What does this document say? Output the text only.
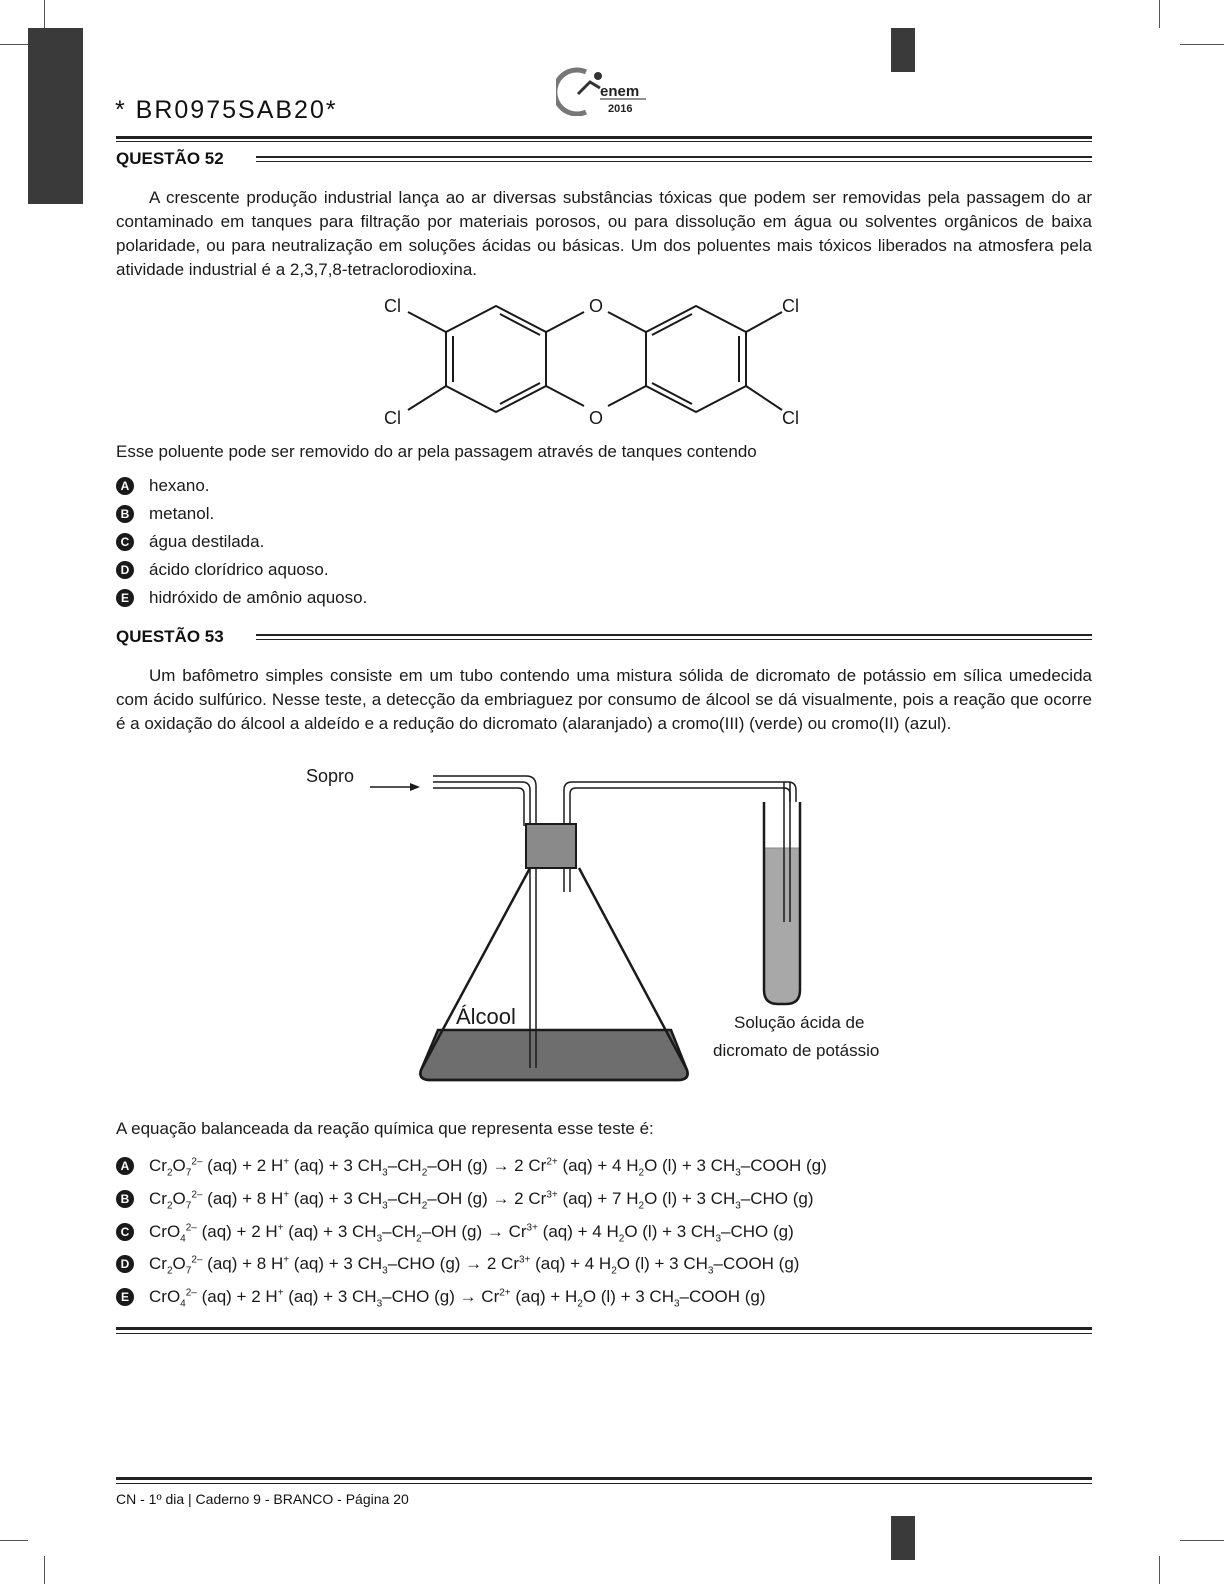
* BR0975SAB20*
enem
2016
QUESTÃO 52

A crescente produção industrial lança ao ar diversas substâncias tóxicas que podem ser removidas pela passagem do ar contaminado em tanques para filtração por materiais porosos, ou para dissolução em água ou solventes orgânicos de baixa polaridade, ou para neutralização em soluções ácidas ou básicas. Um dos poluentes mais tóxicos liberados na atmosfera pela atividade industrial é a 2,3,7,8-tetraclorodioxina.

Cl
Cl
Cl
Cl
O
O

Esse poluente pode ser removido do ar pela passagem através de tanques contendo

A hexano.
B metanol.
C água destilada.
D ácido clorídrico aquoso.
E hidróxido de amônio aquoso.
QUESTÃO 53

Um bafômetro simples consiste em um tubo contendo uma mistura sólida de dicromato de potássio em sílica umedecida com ácido sulfúrico. Nesse teste, a detecção da embriaguez por consumo de álcool se dá visualmente, pois a reação que ocorre é a oxidação do álcool a aldeído e a redução do dicromato (alaranjado) a cromo(III) (verde) ou cromo(II) (azul).

Sopro
Álcool	Solução ácida de
dicromato de potássio

A equação balanceada da reação química que representa esse teste é:

A $Cr_2O_7^{2-}$ (aq) + 2 H+ (aq) + 3 $CH_3-CH_2-OH$ (g) → 2 $Cr^{2+}$ (aq) + 4 $H_2O$ (l) + 3 $CH_3$–COOH (g)
B $Cr_2O_7^{2-}$ (aq) + 8 H+ (aq) + 3 $CH_3-CH_2-OH$ (g) → 2 $Cr^{3+}$ (aq) + 7 $H_2O$ (l) + 3 $CH_3$–CHO (g)
C CrO$_4^{2-}$ (aq) + 2 H+ (aq) + 3 $CH_3-CH_2-OH$ $(g) \to Cr^{3+}$ (aq) + 4 $H_2O$ (l) + 3 $CH_3$–CHO (g)
D $Cr_2O_7^{2-}$ (aq) + 8 H+ (aq) + 3 $CH_3$–CHO (g) → 2 $Cr^{3+}$ (aq) + 4 $H_2O$ (l) + 3 $CH_3$–COOH (g)
E CrO$_4^{2-}$ (aq) + 2 H+ (aq) + 3 $CH_3$–CHO $(g) \to Cr^{2+}$ $(aq) + H_2O$ (l) + 3 $CH_3$–COOH (g)
CN - 1º dia | Caderno 9 - BRANCO - Página 20
